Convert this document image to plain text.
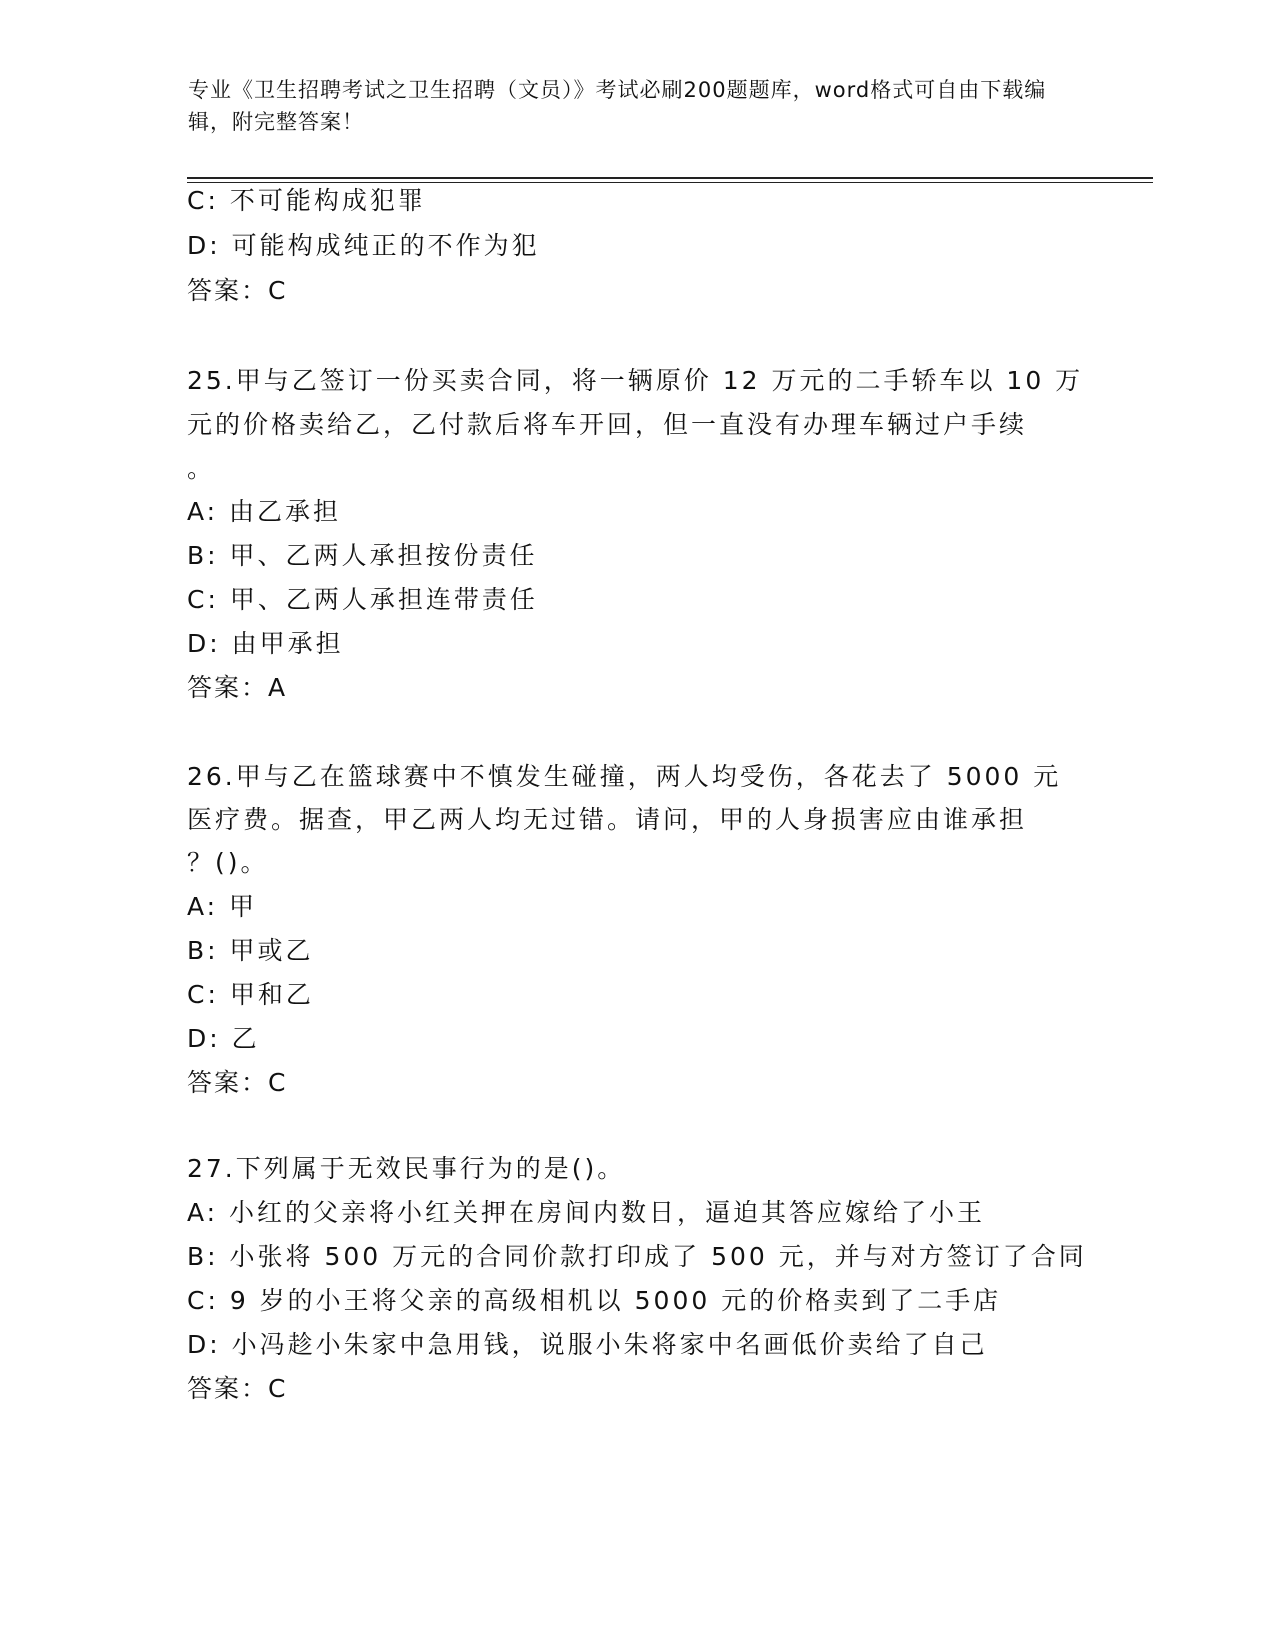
专业《卫生招聘考试之卫生招聘（文员）》考试必刷200题题库，word格式可自由下载编辑，附完整答案！
C: 不可能构成犯罪
D: 可能构成纯正的不作为犯
答案：C
25.甲与乙签订一份买卖合同，将一辆原价 12 万元的二手轿车以 10 万
元的价格卖给乙，乙付款后将车开回，但一直没有办理车辆过户手续
。
A: 由乙承担
B: 甲、乙两人承担按份责任
C: 甲、乙两人承担连带责任
D: 由甲承担
答案：A
26.甲与乙在篮球赛中不慎发生碰撞，两人均受伤，各花去了 5000 元
医疗费。据查，甲乙两人均无过错。请问，甲的人身损害应由谁承担
？()。
A: 甲
B: 甲或乙
C: 甲和乙
D: 乙
答案：C
27.下列属于无效民事行为的是()。
A: 小红的父亲将小红关押在房间内数日，逼迫其答应嫁给了小王
B: 小张将 500 万元的合同价款打印成了 500 元，并与对方签订了合同
C: 9 岁的小王将父亲的高级相机以 5000 元的价格卖到了二手店
D: 小冯趁小朱家中急用钱，说服小朱将家中名画低价卖给了自己
答案：C
